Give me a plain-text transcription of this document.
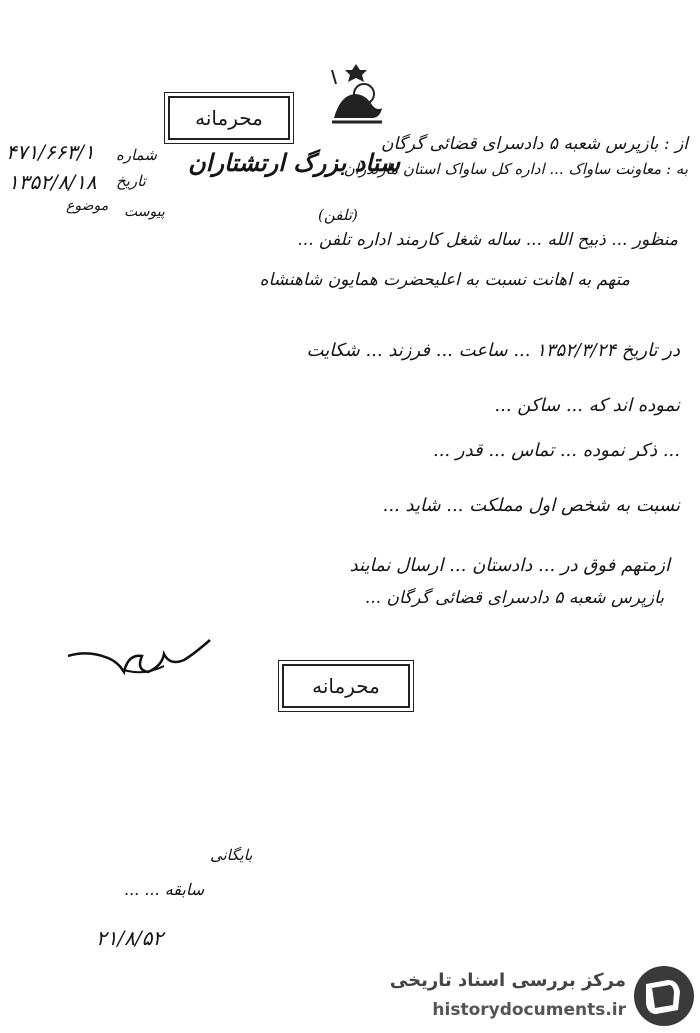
محرمانه
از : بازپرس شعبه ۵ دادسرای قضائی گرگان
به : معاونت ساواک ... اداره کل ساواک استان مازندران
ستاد بزرگ ارتشتاران
شماره
۴۷۱/۶۶۳/۱
تاریخ
۱۳۵۲/۸/۱۸
موضوع پیوست	(تلفن)
منظور ... ذبیح الله ... ساله شغل کارمند اداره تلفن ...
متهم به اهانت نسبت به اعلیحضرت همایون شاهنشاه
در تاریخ ۱۳۵۲/۳/۲۴ ... ساعت ... فرزند ... شکایت
نموده اند که ... ساکن ...
... ذکر نموده ... تماس ... قدر ...
نسبت به شخص اول مملکت ... شاید ...
ازمتهم فوق در ... دادستان ... ارسال نمایند
بازپرس شعبه ۵ دادسرای قضائی گرگان ...
محرمانه
بایگانی
سابقه ... ...
۲۱/۸/۵۲
مرکز بررسی اسناد تاریخی
historydocuments.ir
